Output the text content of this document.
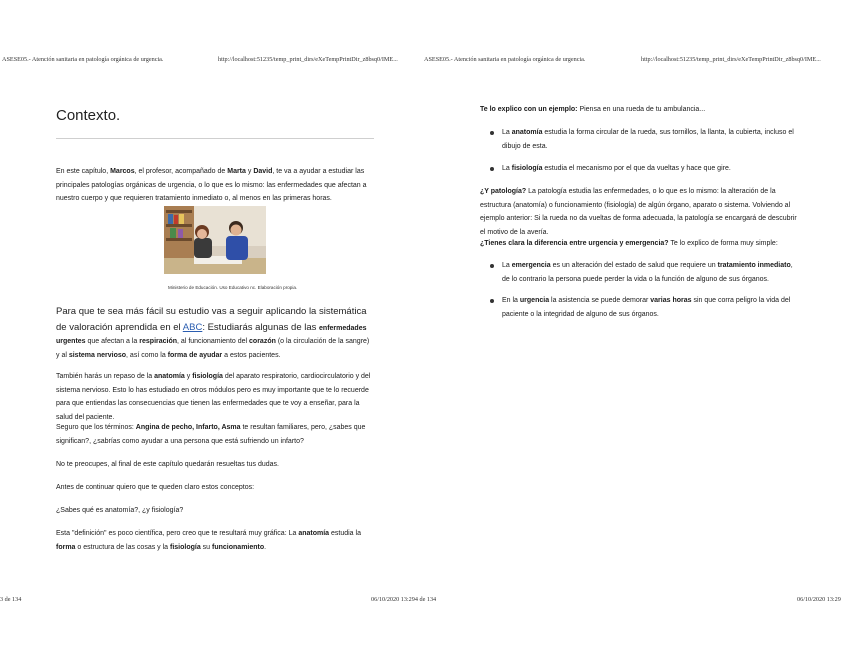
ASESE05.- Atención sanitaria en patología orgánica de urgencia.	http://localhost:51235/temp_print_dirs/eXeTempPrintDir_z8bsq0/IME...	ASESE05.- Atención sanitaria en patología orgánica de urgencia.	http://localhost:51235/temp_print_dirs/eXeTempPrintDir_z8bsq0/IME...
Contexto.

En este capítulo, Marcos, el profesor, acompañado de Marta y David, te va a ayudar a estudiar las principales patologías orgánicas de urgencia, o lo que es lo mismo: las enfermedades que afectan a nuestro cuerpo y que requieren tratamiento inmediato o, al menos en las primeras horas.

Ministerio de Educación. Uso Educativo nc. Elaboración propia.

Para que te sea más fácil su estudio vas a seguir aplicando la sistemática de valoración aprendida en el ABC: Estudiarás algunas de las enfermedades urgentes que afectan a la respiración, al funcionamiento del corazón (o la circulación de la sangre) y al sistema nervioso, así como la forma de ayudar a estos pacientes.

También harás un repaso de la anatomía y fisiología del aparato respiratorio, cardiocirculatorio y del sistema nervioso. Esto lo has estudiado en otros módulos pero es muy importante que te lo recuerde para que entiendas las consecuencias que tienen las enfermedades que te voy a enseñar, para la salud del paciente.

Seguro que los términos: Angina de pecho, Infarto, Asma te resultan familiares, pero, ¿sabes que significan?, ¿sabrías como ayudar a una persona que está sufriendo un infarto?

No te preocupes, al final de este capítulo quedarán resueltas tus dudas.
Antes de continuar quiero que te queden claro estos conceptos:
¿Sabes qué es anatomía?, ¿y fisiología?

Esta "definición" es poco científica, pero creo que te resultará muy gráfica: La anatomía estudia la forma o estructura de las cosas y la fisiología su funcionamiento.

Te lo explico con un ejemplo: Piensa en una rueda de tu ambulancia...

La anatomía estudia la forma circular de la rueda, sus tornillos, la llanta, la cubierta, incluso el dibujo de esta.
La fisiología estudia el mecanismo por el que da vueltas y hace que gire.

¿Y patología? La patología estudia las enfermedades, o lo que es lo mismo: la alteración de la estructura (anatomía) o funcionamiento (fisiología) de algún órgano, aparato o sistema. Volviendo al ejemplo anterior: Si la rueda no da vueltas de forma adecuada, la patología se encargará de descubrir el motivo de la avería.

¿Tienes clara la diferencia entre urgencia y emergencia? Te lo explico de forma muy simple:

La emergencia es un alteración del estado de salud que requiere un tratamiento inmediato, de lo contrario la persona puede perder la vida o la función de alguno de sus órganos.
En la urgencia la asistencia se puede demorar varias horas sin que corra peligro la vida del paciente o la integridad de alguno de sus órganos.
3 de 134	06/10/2020 13:294 de 134	06/10/2020 13:29
